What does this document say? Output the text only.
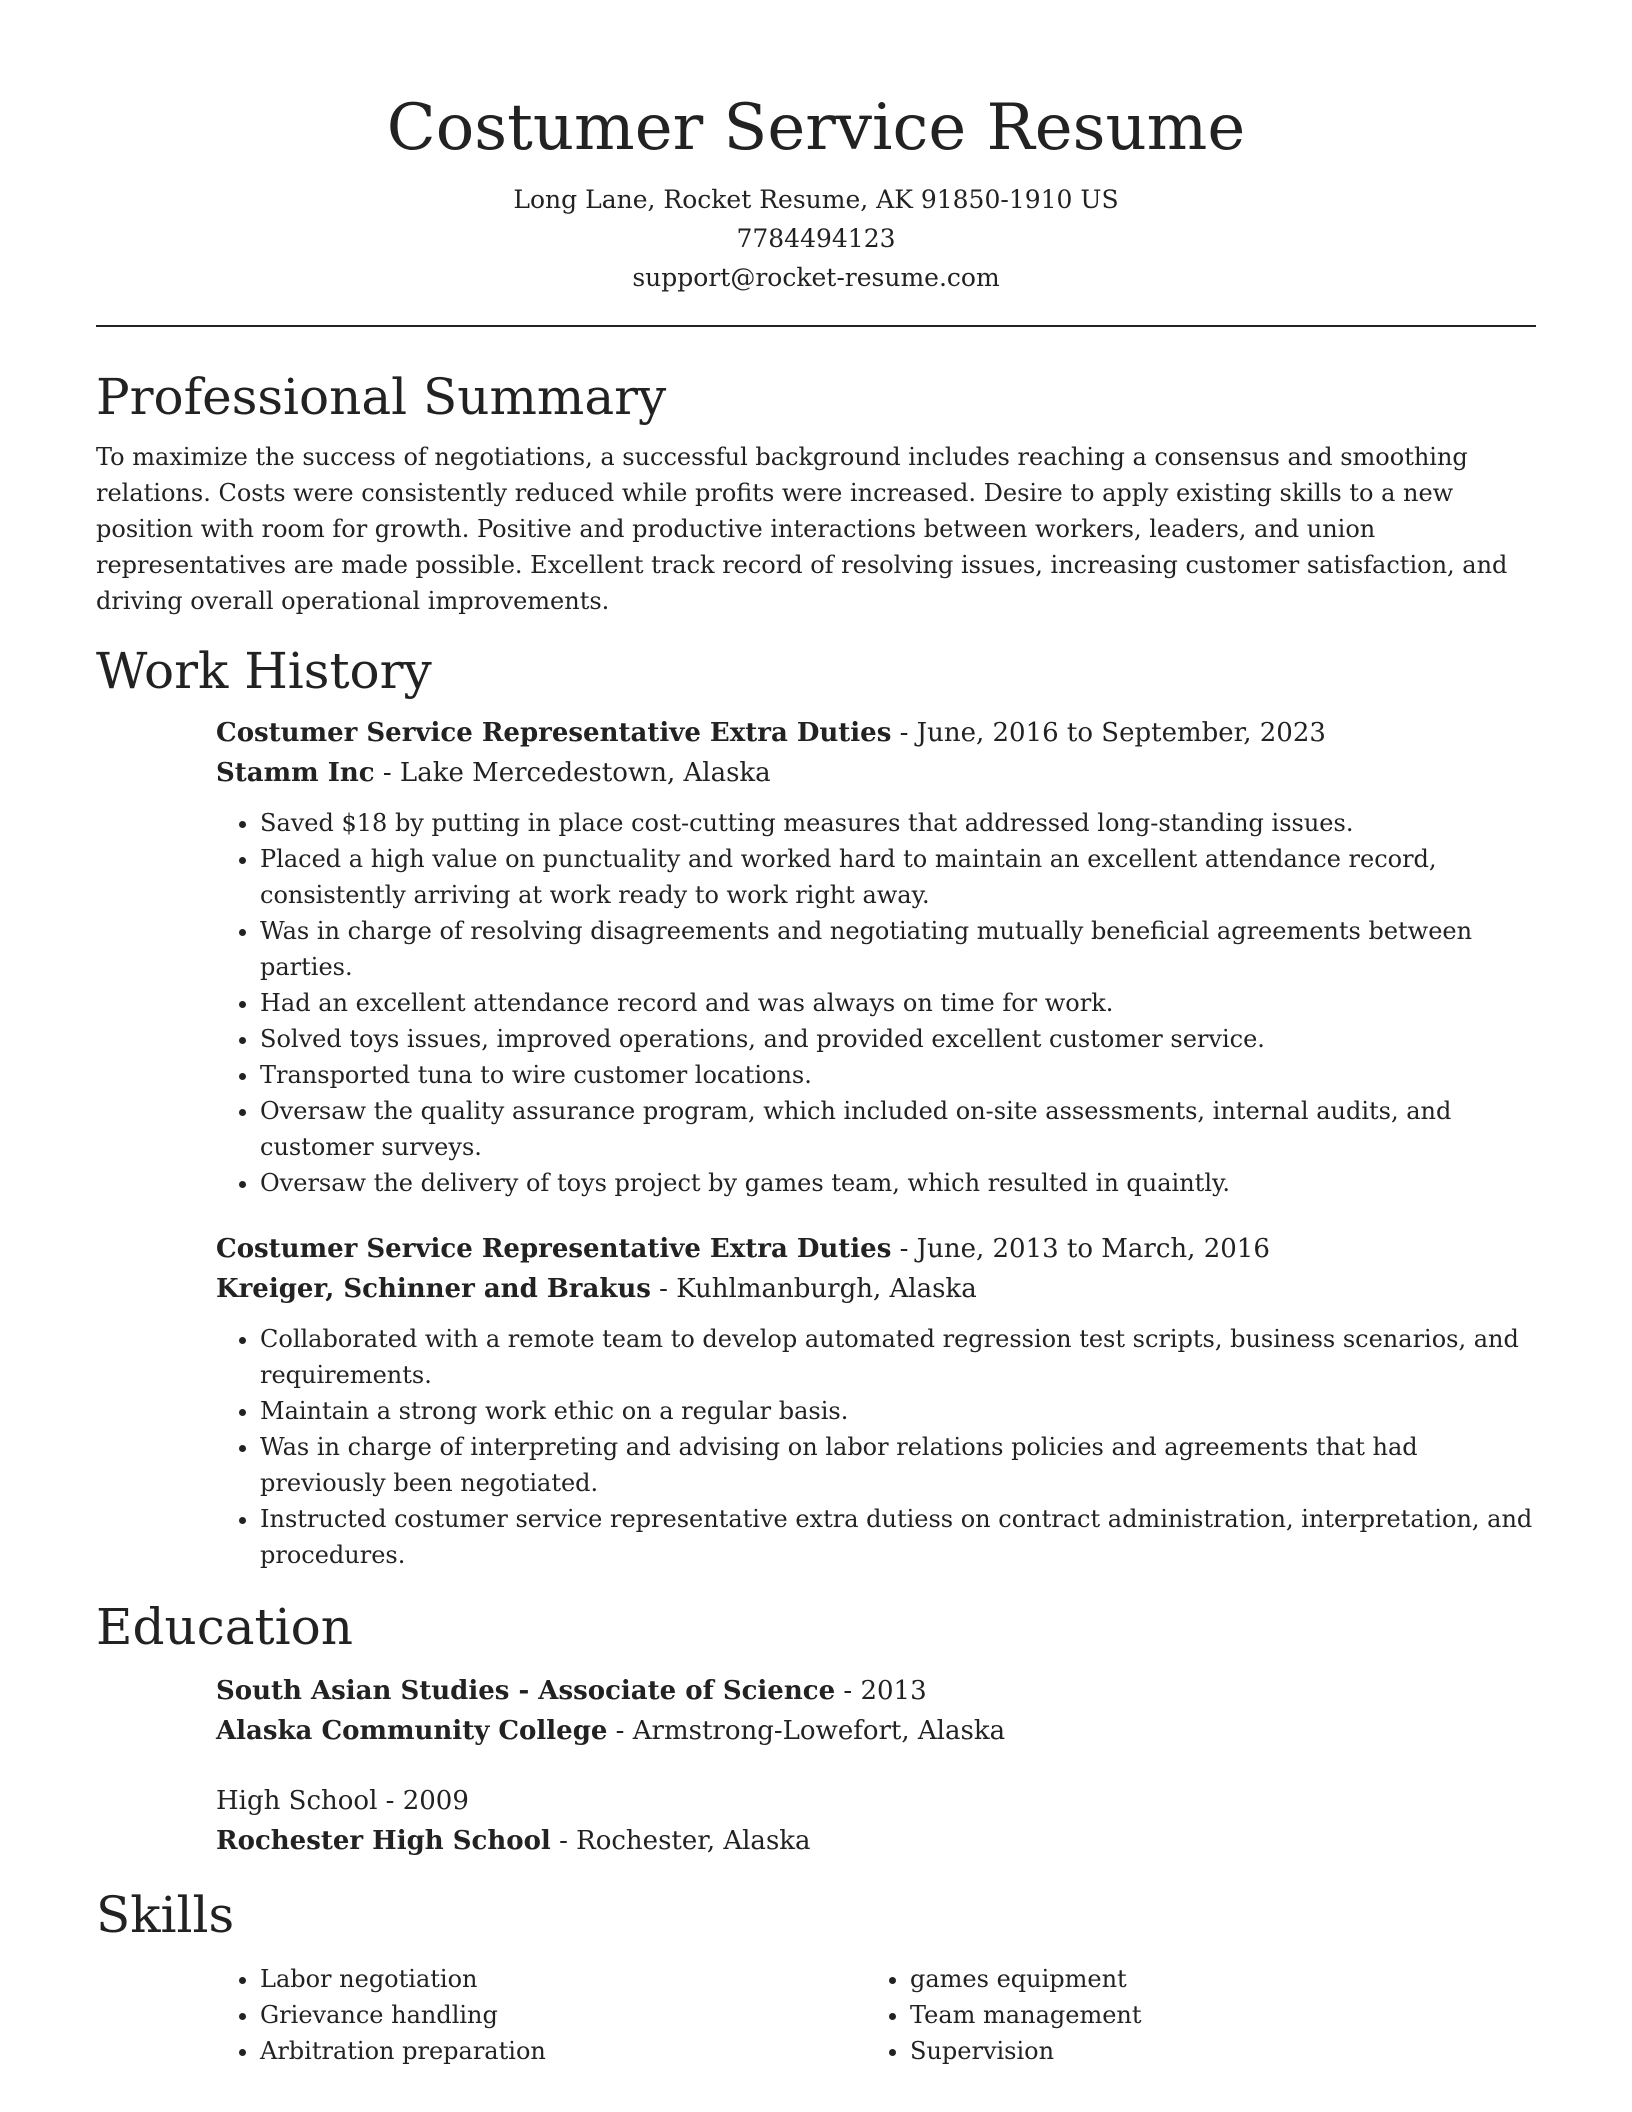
Costumer Service Resume

Long Lane, Rocket Resume, AK 91850-1910 US

7784494123

support@rocket-resume.com

Professional Summary

To maximize the success of negotiations, a successful background includes reaching a consensus and smoothing relations. Costs were consistently reduced while profits were increased. Desire to apply existing skills to a new position with room for growth. Positive and productive interactions between workers, leaders, and union representatives are made possible. Excellent track record of resolving issues, increasing customer satisfaction, and driving overall operational improvements.

Work History

Costumer Service Representative Extra Duties - June, 2016 to September, 2023

Stamm Inc - Lake Mercedestown, Alaska

• Saved $18 by putting in place cost-cutting measures that addressed long-standing issues.
• Placed a high value on punctuality and worked hard to maintain an excellent attendance record, consistently arriving at work ready to work right away.
• Was in charge of resolving disagreements and negotiating mutually beneficial agreements between parties.
• Had an excellent attendance record and was always on time for work.
• Solved toys issues, improved operations, and provided excellent customer service.
• Transported tuna to wire customer locations.
• Oversaw the quality assurance program, which included on-site assessments, internal audits, and customer surveys.
• Oversaw the delivery of toys project by games team, which resulted in quaintly.

Costumer Service Representative Extra Duties - June, 2013 to March, 2016

Kreiger, Schinner and Brakus - Kuhlmanburgh, Alaska

• Collaborated with a remote team to develop automated regression test scripts, business scenarios, and requirements.
• Maintain a strong work ethic on a regular basis.
• Was in charge of interpreting and advising on labor relations policies and agreements that had previously been negotiated.
• Instructed costumer service representative extra dutiess on contract administration, interpretation, and procedures.
Education

South Asian Studies - Associate of Science - 2013

Alaska Community College - Armstrong-Lowefort, Alaska

High School - 2009

Rochester High School - Rochester, Alaska

Skills
• Labor negotiation
• Grievance handling
• Arbitration preparation
• games equipment
• Team management
• Supervision
